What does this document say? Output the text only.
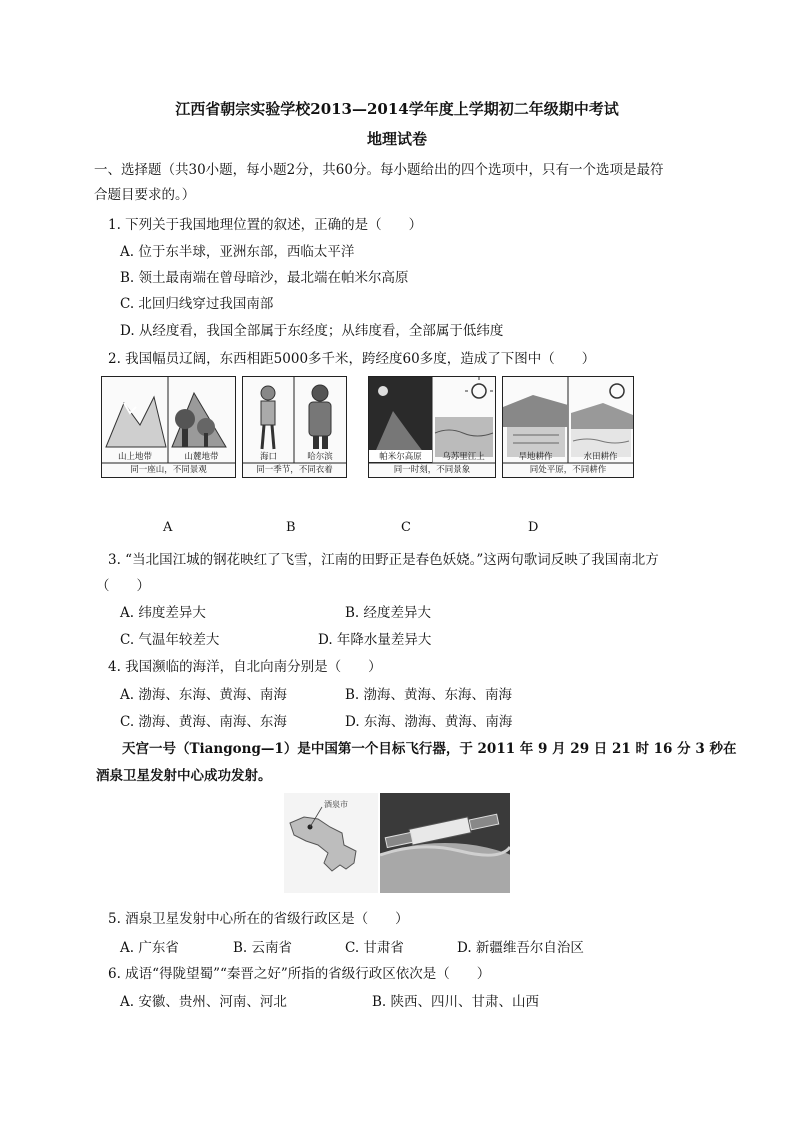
江西省朝宗实验学校2013—2014学年度上学期初二年级期中考试
地理试卷
一、选择题（共30小题，每小题2分，共60分。每小题给出的四个选项中，只有一个选项是最符
合题目要求的。）
1. 下列关于我国地理位置的叙述，正确的是（　　）
A. 位于东半球，亚洲东部，西临太平洋
B. 领土最南端在曾母暗沙，最北端在帕米尔高原
C. 北回归线穿过我国南部
D. 从经度看，我国全部属于东经度；从纬度看，全部属于低纬度
2. 我国幅员辽阔，东西相距5000多千米，跨经度60多度，造成了下图中（　　）
山上地带	山麓地带
同一座山，不同景观
海口	哈尔滨
同一季节，不同衣着
帕米尔高原	乌苏里江上
同一时刻，不同景象
旱地耕作	水田耕作
同处平原，不同耕作
A	B	C	D
3. “当北国江城的钢花映红了飞雪，江南的田野正是春色妖娆。”这两句歌词反映了我国南北方
（　　）
A. 纬度差异大	B. 经度差异大
C. 气温年较差大	D. 年降水量差异大
4. 我国濒临的海洋，自北向南分别是（　　）
A. 渤海、东海、黄海、南海	B. 渤海、黄海、东海、南海
C. 渤海、黄海、南海、东海	D. 东海、渤海、黄海、南海
天宫一号（Tiangong—1）是中国第一个目标飞行器，于 2011 年 9 月 29 日 21 时 16 分 3 秒在
酒泉卫星发射中心成功发射。
酒泉市
5. 酒泉卫星发射中心所在的省级行政区是（　　）
A. 广东省	B. 云南省	C. 甘肃省	D. 新疆维吾尔自治区
6. 成语“得陇望蜀”“秦晋之好”所指的省级行政区依次是（　　）
A. 安徽、贵州、河南、河北	B. 陕西、四川、甘肃、山西
